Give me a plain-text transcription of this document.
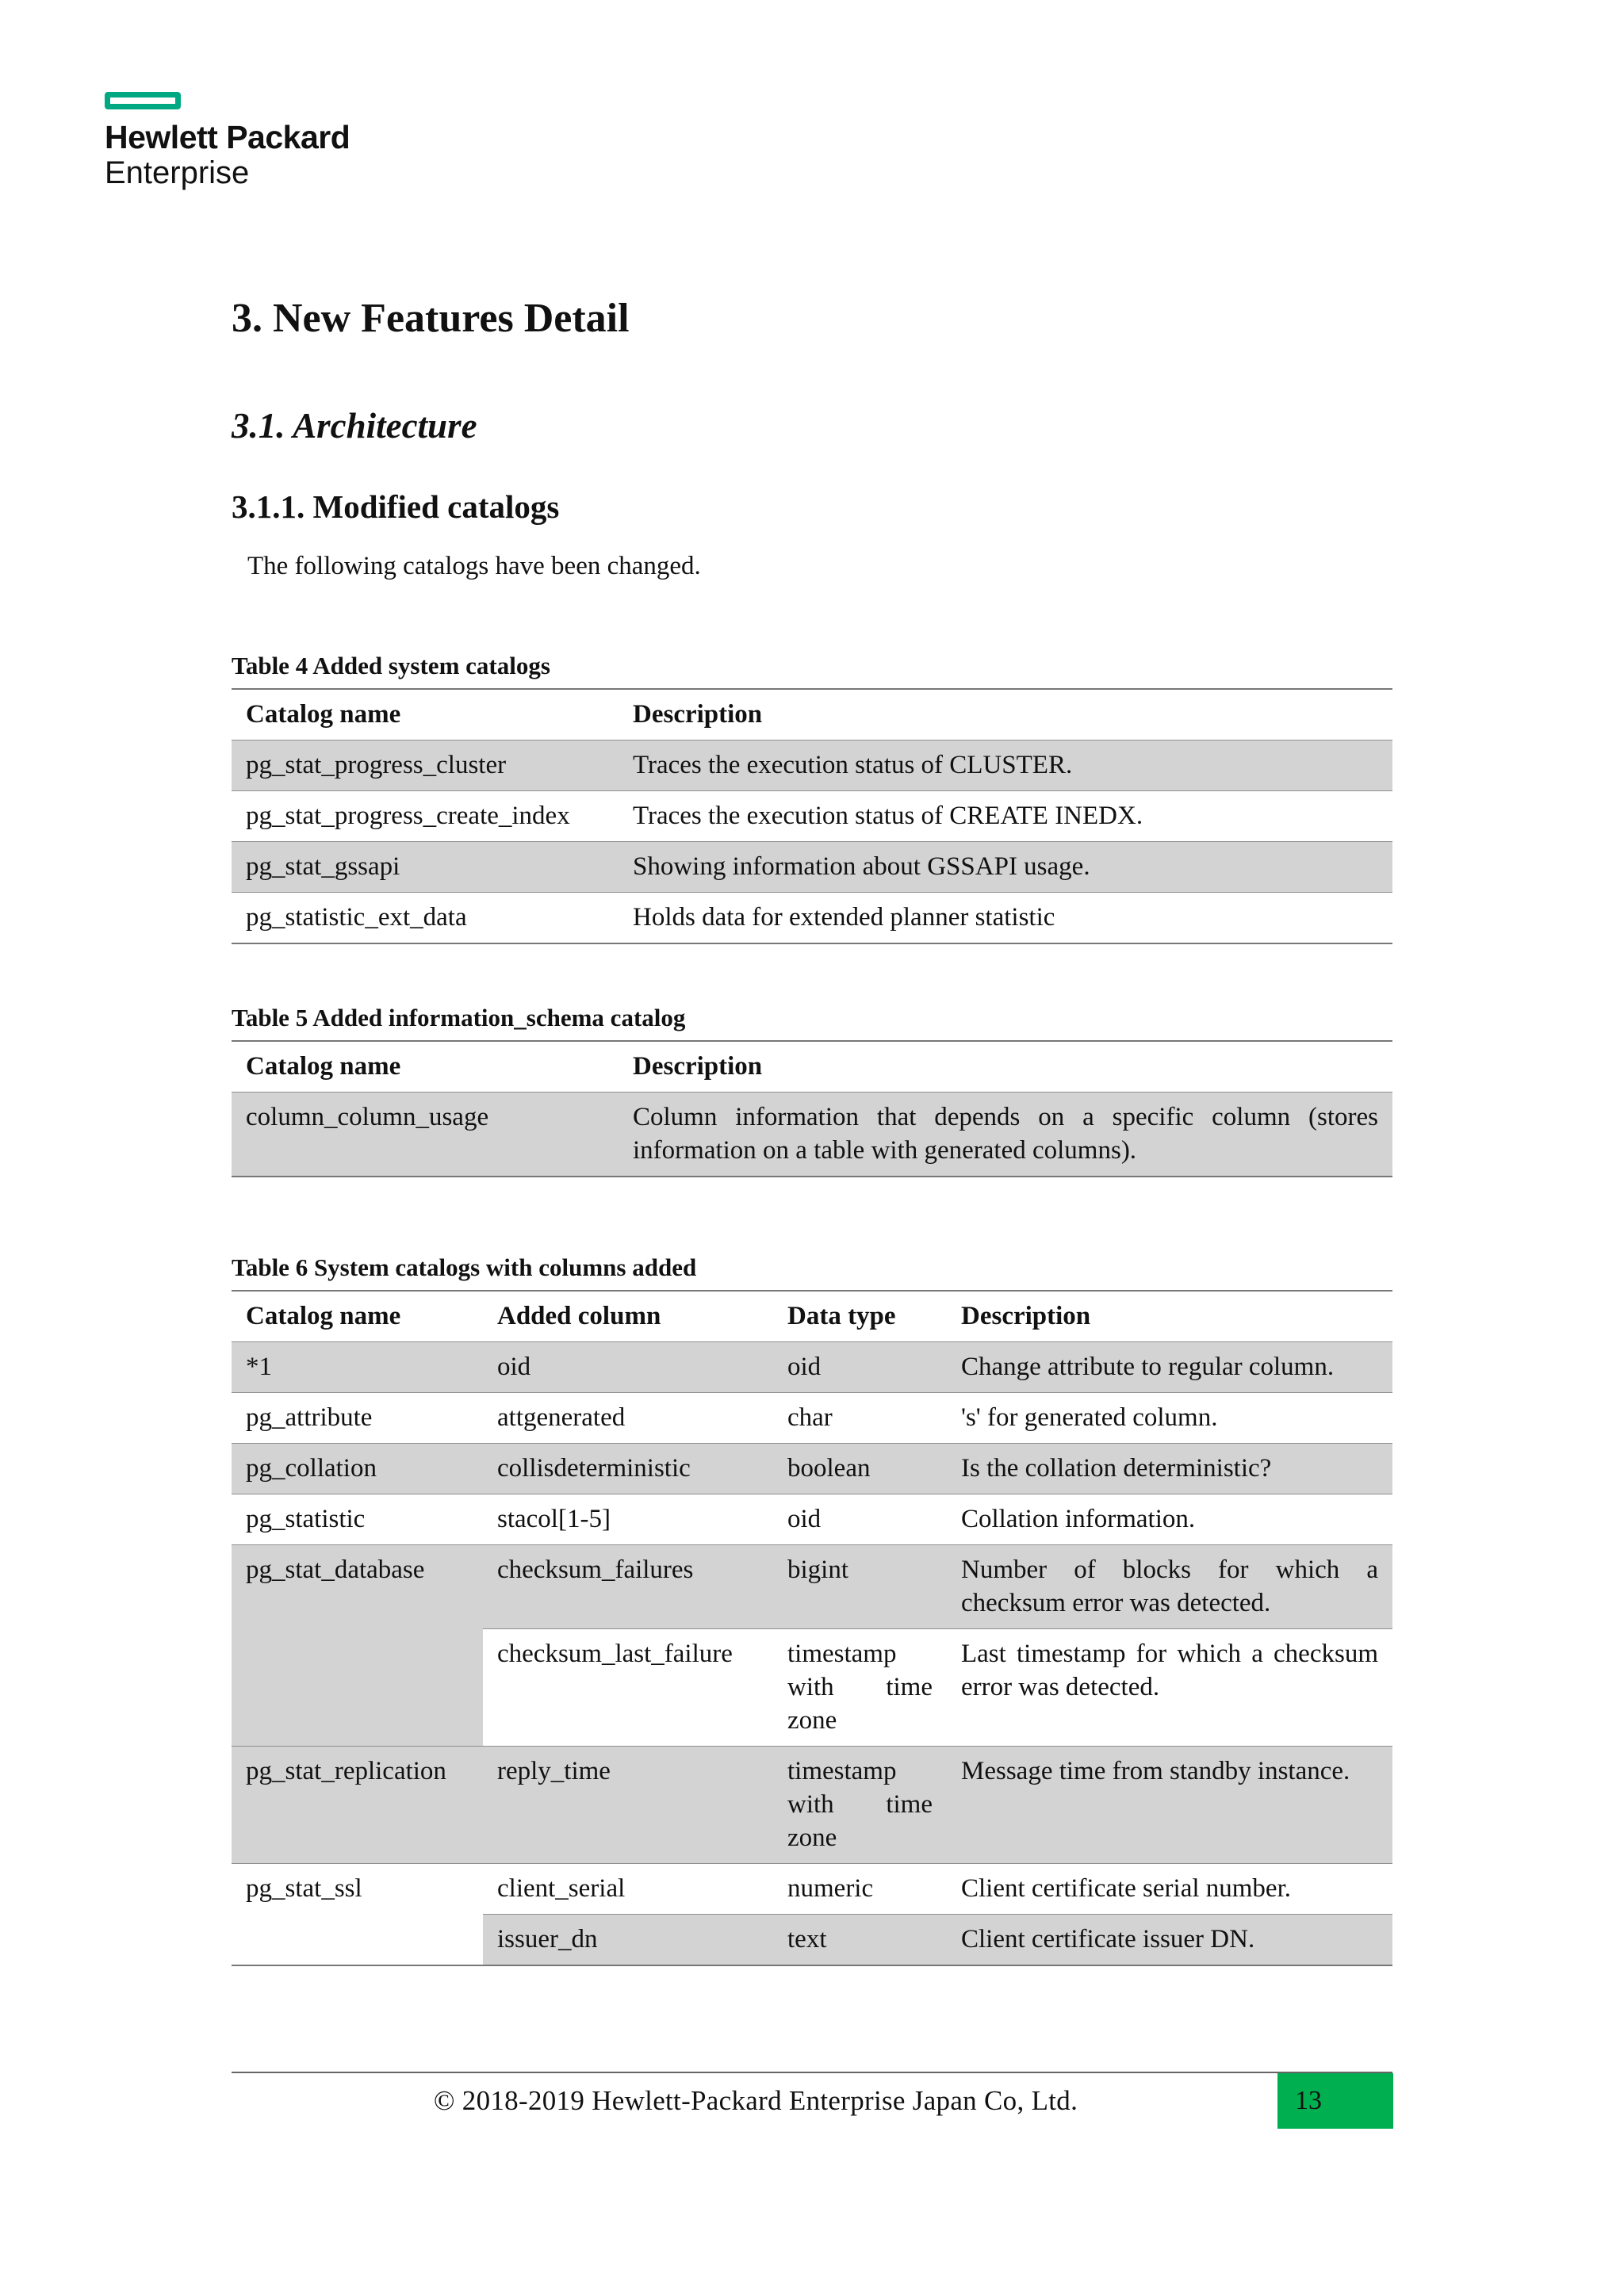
Hewlett Packard
Enterprise
3. New Features Detail
3.1. Architecture
3.1.1. Modified catalogs

The following catalogs have been changed.

Table 4 Added system catalogs

Catalog name	Description
pg_stat_progress_cluster	Traces the execution status of CLUSTER.
pg_stat_progress_create_index	Traces the execution status of CREATE INEDX.
pg_stat_gssapi	Showing information about GSSAPI usage.
pg_statistic_ext_data	Holds data for extended planner statistic

Table 5 Added information_schema catalog

Catalog name	Description
column_column_usage	Column information that depends on a specific column (stores information on a table with generated columns).

Table 6 System catalogs with columns added

Catalog name	Added column	Data type	Description
*1	oid	oid	Change attribute to regular column.
pg_attribute	attgenerated	char	's' for generated column.
pg_collation	collisdeterministic	boolean	Is the collation deterministic?
pg_statistic	stacol[1-5]	oid	Collation information.
pg_stat_database	checksum_failures	bigint	Number of blocks for which a checksum error was detected.
	checksum_last_failure	timestamp with time zone	Last timestamp for which a checksum error was detected.
pg_stat_replication	reply_time	timestamp with time zone	Message time from standby instance.
pg_stat_ssl	client_serial	numeric	Client certificate serial number.
	issuer_dn	text	Client certificate issuer DN.
© 2018-2019 Hewlett-Packard Enterprise Japan Co, Ltd.	13
